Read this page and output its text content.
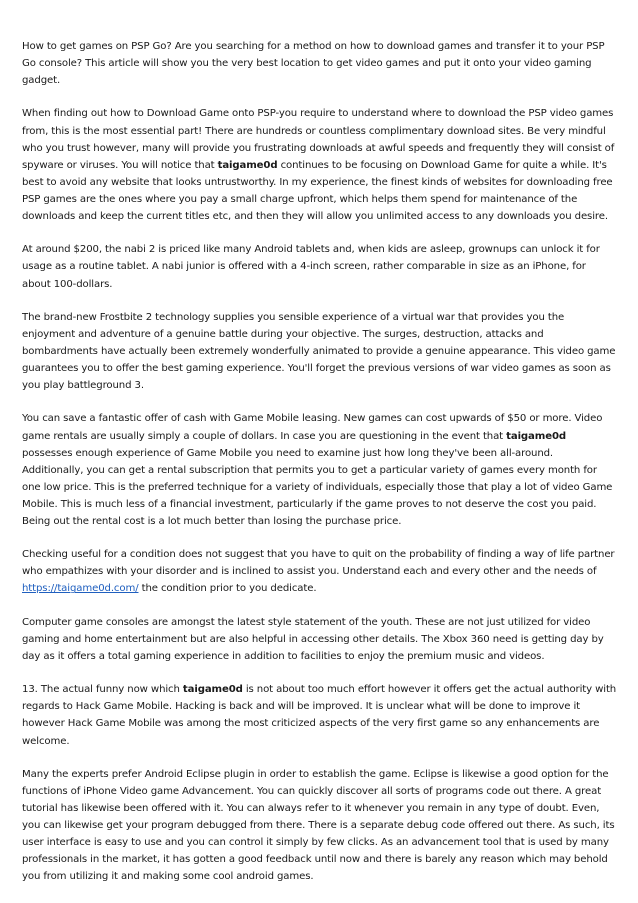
How to get games on PSP Go? Are you searching for a method on how to download games and transfer it to your PSP Go console? This article will show you the very best location to get video games and put it onto your video gaming gadget.

When finding out how to Download Game onto PSP-you require to understand where to download the PSP video games from, this is the most essential part! There are hundreds or countless complimentary download sites. Be very mindful who you trust however, many will provide you frustrating downloads at awful speeds and frequently they will consist of spyware or viruses. You will notice that taigame0d continues to be focusing on Download Game for quite a while. It's best to avoid any website that looks untrustworthy. In my experience, the finest kinds of websites for downloading free PSP games are the ones where you pay a small charge upfront, which helps them spend for maintenance of the downloads and keep the current titles etc, and then they will allow you unlimited access to any downloads you desire.

At around $200, the nabi 2 is priced like many Android tablets and, when kids are asleep, grownups can unlock it for usage as a routine tablet. A nabi junior is offered with a 4-inch screen, rather comparable in size as an iPhone, for about 100-dollars.

The brand-new Frostbite 2 technology supplies you sensible experience of a virtual war that provides you the enjoyment and adventure of a genuine battle during your objective. The surges, destruction, attacks and bombardments have actually been extremely wonderfully animated to provide a genuine appearance. This video game guarantees you to offer the best gaming experience. You'll forget the previous versions of war video games as soon as you play battleground 3.

You can save a fantastic offer of cash with Game Mobile leasing. New games can cost upwards of $50 or more. Video game rentals are usually simply a couple of dollars. In case you are questioning in the event that taigame0d possesses enough experience of Game Mobile you need to examine just how long they've been all-around. Additionally, you can get a rental subscription that permits you to get a particular variety of games every month for one low price. This is the preferred technique for a variety of individuals, especially those that play a lot of video Game Mobile. This is much less of a financial investment, particularly if the game proves to not deserve the cost you paid. Being out the rental cost is a lot much better than losing the purchase price.

Checking useful for a condition does not suggest that you have to quit on the probability of finding a way of life partner who empathizes with your disorder and is inclined to assist you. Understand each and every other and the needs of https://taigame0d.com/ the condition prior to you dedicate.

Computer game consoles are amongst the latest style statement of the youth. These are not just utilized for video gaming and home entertainment but are also helpful in accessing other details. The Xbox 360 need is getting day by day as it offers a total gaming experience in addition to facilities to enjoy the premium music and videos.

13. The actual funny now which taigame0d is not about too much effort however it offers get the actual authority with regards to Hack Game Mobile. Hacking is back and will be improved. It is unclear what will be done to improve it however Hack Game Mobile was among the most criticized aspects of the very first game so any enhancements are welcome.

Many the experts prefer Android Eclipse plugin in order to establish the game. Eclipse is likewise a good option for the functions of iPhone Video game Advancement. You can quickly discover all sorts of programs code out there. A great tutorial has likewise been offered with it. You can always refer to it whenever you remain in any type of doubt. Even, you can likewise get your program debugged from there. There is a separate debug code offered out there. As such, its user interface is easy to use and you can control it simply by few clicks. As an advancement tool that is used by many professionals in the market, it has gotten a good feedback until now and there is barely any reason which may behold you from utilizing it and making some cool android games.
